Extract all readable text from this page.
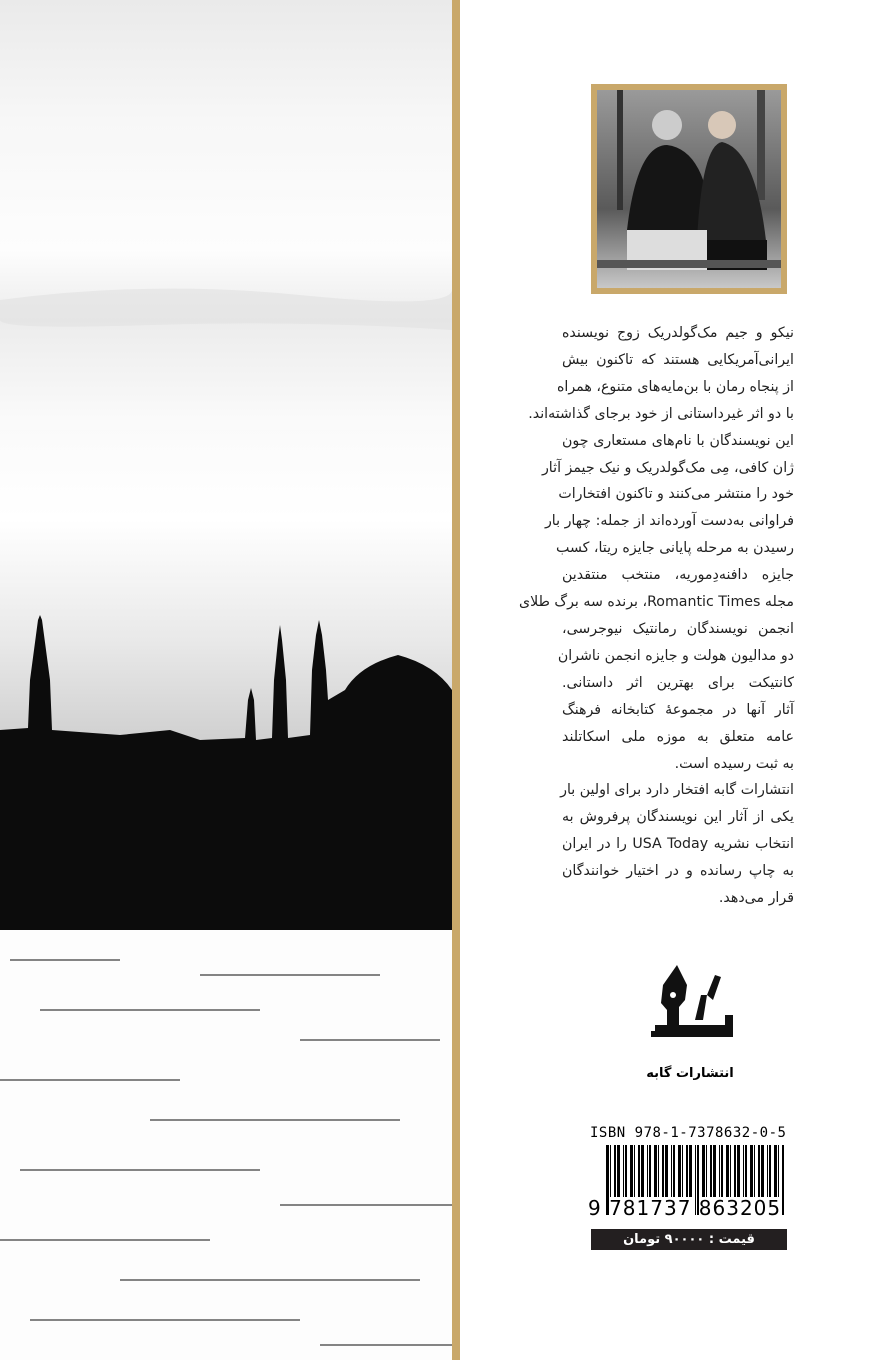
نیکو و جیم مک‌گولدریک زوج نویسنده
ایرانی‌آمریکایی هستند که تاکنون بیش
از پنجاه رمان با بن‌مایه‌های متنوع، همراه
با دو اثر غیرداستانی از خود برجای گذاشته‌اند.
این نویسندگان با نام‌های مستعاری چون
ژان کافی، مِی مک‌گولدریک و نیک جیمز آثار
خود را منتشر می‌کنند و تاکنون افتخارات
فراوانی به‌دست آورده‌اند از جمله: چهار بار
رسیدن به مرحله پایانی جایزه ریتا، کسب
جایزه دافنه‌دِموریه، منتخب منتقدین
مجله Romantic Times، برنده سه برگ طلای
انجمن نویسندگان رمانتیک نیوجرسی،
دو مدالیون هولت و جایزه انجمن ناشران
کانتیکت برای بهترین اثر داستانی.
آثار آنها در مجموعهٔ کتابخانه فرهنگ
عامه متعلق به موزه ملی اسکاتلند
به ثبت رسیده است.
انتشارات گابه افتخار دارد برای اولین بار
یکی از آثار این نویسندگان پرفروش به
انتخاب نشریه USA Today را در ایران
به چاپ رسانده و در اختیار خوانندگان
قرار می‌دهد.
انتشارات گابه
ISBN 978-1-7378632-0-5
9 781737 863205
قیمت : ۹۰۰۰۰ تومان
